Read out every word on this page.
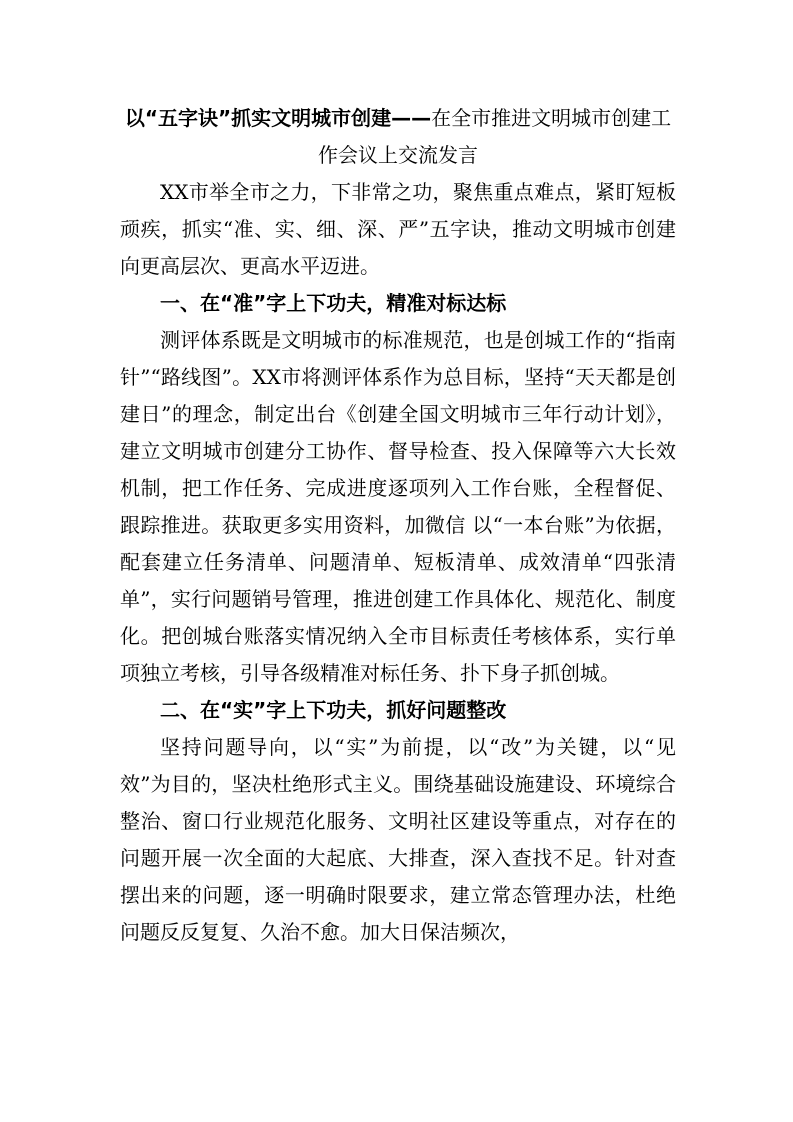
以“五字诀”抓实文明城市创建——在全市推进文明城市创建工作会议上交流发言

XX市举全市之力，下非常之功，聚焦重点难点，紧盯短板顽疾，抓实“准、实、细、深、严”五字诀，推动文明城市创建向更高层次、更高水平迈进。

一、在“准”字上下功夫，精准对标达标

测评体系既是文明城市的标准规范，也是创城工作的“指南针”“路线图”。XX市将测评体系作为总目标，坚持“天天都是创建日”的理念，制定出台《创建全国文明城市三年行动计划》，建立文明城市创建分工协作、督导检查、投入保障等六大长效机制，把工作任务、完成进度逐项列入工作台账，全程督促、跟踪推进。获取更多实用资料，加微信 以“一本台账”为依据，配套建立任务清单、问题清单、短板清单、成效清单“四张清单”，实行问题销号管理，推进创建工作具体化、规范化、制度化。把创城台账落实情况纳入全市目标责任考核体系，实行单项独立考核，引导各级精准对标任务、扑下身子抓创城。

二、在“实”字上下功夫，抓好问题整改

坚持问题导向，以“实”为前提，以“改”为关键，以“见效”为目的，坚决杜绝形式主义。围绕基础设施建设、环境综合整治、窗口行业规范化服务、文明社区建设等重点，对存在的问题开展一次全面的大起底、大排查，深入查找不足。针对查摆出来的问题，逐一明确时限要求，建立常态管理办法，杜绝问题反反复复、久治不愈。加大日保洁频次，
